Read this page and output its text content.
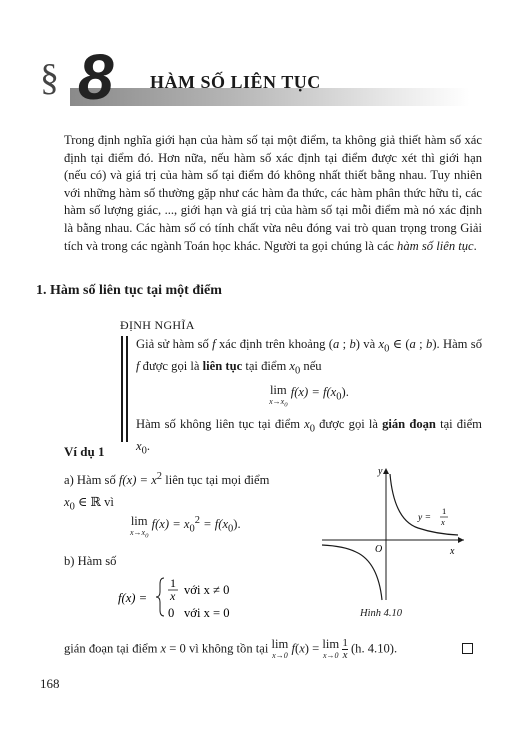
§ 8 HÀM SỐ LIÊN TỤC

Trong định nghĩa giới hạn của hàm số tại một điểm, ta không giả thiết hàm số xác định tại điểm đó. Hơn nữa, nếu hàm số xác định tại điểm được xét thì giới hạn (nếu có) và giá trị của hàm số tại điểm đó không nhất thiết bằng nhau. Tuy nhiên với những hàm số thường gặp như các hàm đa thức, các hàm phân thức hữu tỉ, các hàm số lượng giác, ..., giới hạn và giá trị của hàm số tại mỗi điểm mà nó xác định là bằng nhau. Các hàm số có tính chất vừa nêu đóng vai trò quan trọng trong Giải tích và trong các ngành Toán học khác. Người ta gọi chúng là các hàm số liên tục.

1. Hàm số liên tục tại một điểm
ĐỊNH NGHĨA

Giả sử hàm số f xác định trên khoảng (a ; b) và $x_0$ ∈ (a ; b). Hàm số f được gọi là liên tục tại điểm $x_0$ nếu

lim
$x\to x_0$
$f(x) = f(x_0)$.

Hàm số không liên tục tại điểm $x_0$ được gọi là gián đoạn tại điểm $x_0$.

Ví dụ 1
a) Hàm số $f(x) = x^2$ liên tục tại mọi điểm
$x_0$ ∈ ℝ vì
lim
$x\to x_0$
$f(x) = x_0^2 = f(x_0)$.
b) Hàm số
f(x) =
1
x với x ≠ 0
0 với x = 0
y
x
O
y =
1
x
Hình 4.10
gián đoạn tại điểm x = 0 vì không tồn tại lim
x→0
f(x) = lim
x→0
$\frac{1}{x} (h$. 4.10).
168
